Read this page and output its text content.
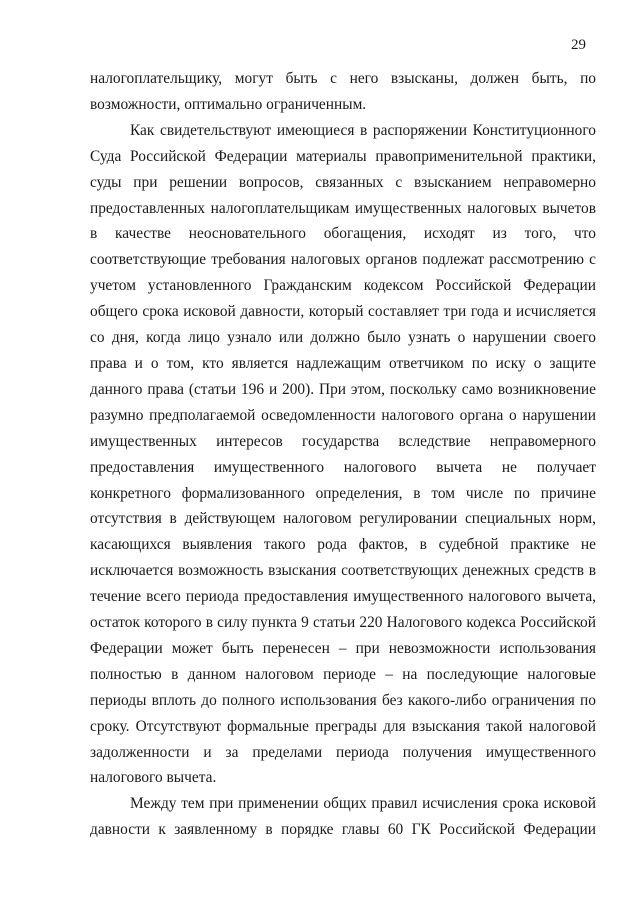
29

налогоплательщику, могут быть с него взысканы, должен быть, по возможности, оптимально ограниченным.

Как свидетельствуют имеющиеся в распоряжении Конституционного Суда Российской Федерации материалы правоприменительной практики, суды при решении вопросов, связанных с взысканием неправомерно предоставленных налогоплательщикам имущественных налоговых вычетов в качестве неосновательного обогащения, исходят из того, что соответствующие требования налоговых органов подлежат рассмотрению с учетом установленного Гражданским кодексом Российской Федерации общего срока исковой давности, который составляет три года и исчисляется со дня, когда лицо узнало или должно было узнать о нарушении своего права и о том, кто является надлежащим ответчиком по иску о защите данного права (статьи 196 и 200). При этом, поскольку само возникновение разумно предполагаемой осведомленности налогового органа о нарушении имущественных интересов государства вследствие неправомерного предоставления имущественного налогового вычета не получает конкретного формализованного определения, в том числе по причине отсутствия в действующем налоговом регулировании специальных норм, касающихся выявления такого рода фактов, в судебной практике не исключается возможность взыскания соответствующих денежных средств в течение всего периода предоставления имущественного налогового вычета, остаток которого в силу пункта 9 статьи 220 Налогового кодекса Российской Федерации может быть перенесен – при невозможности использования полностью в данном налоговом периоде – на последующие налоговые периоды вплоть до полного использования без какого-либо ограничения по сроку. Отсутствуют формальные преграды для взыскания такой налоговой задолженности и за пределами периода получения имущественного налогового вычета.

Между тем при применении общих правил исчисления срока исковой давности к заявленному в порядке главы 60 ГК Российской Федерации
